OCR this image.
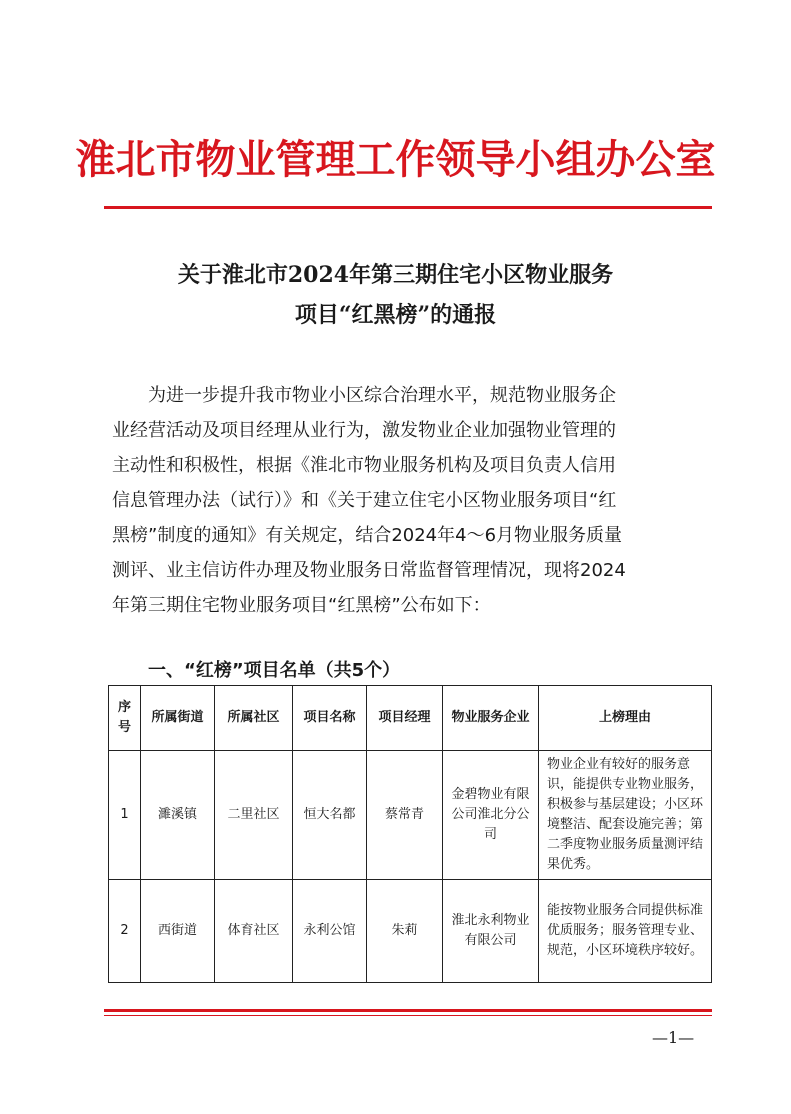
淮北市物业管理工作领导小组办公室
关于淮北市2024年第三期住宅小区物业服务
项目“红黑榜”的通报
为进一步提升我市物业小区综合治理水平，规范物业服务企
业经营活动及项目经理从业行为，激发物业企业加强物业管理的
主动性和积极性，根据《淮北市物业服务机构及项目负责人信用
信息管理办法（试行）》和《关于建立住宅小区物业服务项目“红
黑榜”制度的通知》有关规定，结合2024年4～6月物业服务质量
测评、业主信访件办理及物业服务日常监督管理情况，现将2024
年第三期住宅物业服务项目“红黑榜”公布如下：
一、“红榜”项目名单（共5个）
序号	所属街道	所属社区	项目名称	项目经理	物业服务企业	上榜理由
1	濉溪镇	二里社区	恒大名都	蔡常青	金碧物业有限公司淮北分公司	物业企业有较好的服务意识，能提供专业物业服务，积极参与基层建设；小区环境整洁、配套设施完善；第二季度物业服务质量测评结果优秀。
2	西街道	体育社区	永利公馆	朱莉	淮北永利物业有限公司	能按物业服务合同提供标准优质服务；服务管理专业、规范，小区环境秩序较好。
—1—
